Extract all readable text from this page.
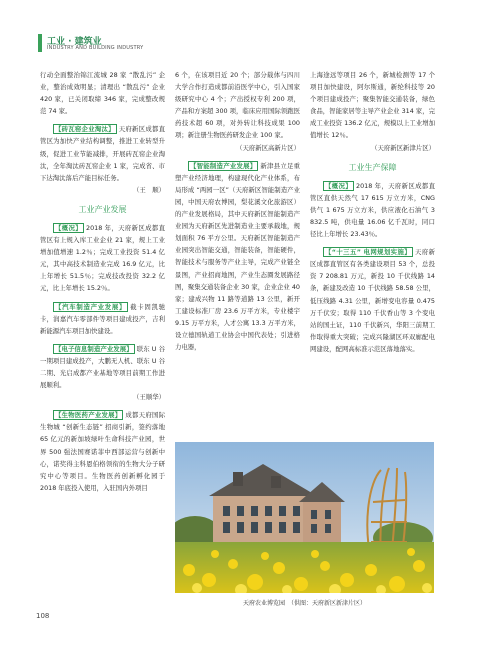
工业 · 建筑业
INDUSTRY AND BUILDING INDUSTRY

行动全面整治锦江流城 28 家 “散乱污” 企业，整治成效明显；清理出 “散乱污” 企业 420 家，已关闭取缔 346 家，完成整改规范 74 家。

【砖瓦窑企业淘汰】 天府新区成都直管区为加快产业结构调整，推进工业转型升级，促进工业节能减排，开展砖瓦窑企业淘汰，全年淘汰砖瓦窑企业 1 家，完成省、市下达淘汰落后产能目标任务。

（王　顺）

工业产业发展

【概况】 2018 年，天府新区成都直管区有上规入库工业企业 21 家，规上工业增加值增速 1.2％；完成工业投资 51.4 亿元，其中高技术制造业完成 16.9 亿元，比上年增长 51.5％；完成技改投资 32.2 亿元，比上年增长 15.2％。

【汽车制造产业发展】 截卡固凯驰卡，润嘉汽车零部件等项目建成投产，吉利新能源汽车项目加快建设。

【电子信息制造产业发展】 联东 U 谷一期项目建成投产，大鹏无人机、联东 U 谷二期、光启成都产业基地等项目前期工作进展顺利。

（王顺华）

【生物医药产业发展】 成都天府国际生物城 “创新生态链” 招商引新，签约落地 65 亿元的新加坡绿叶生命科技产业园，世界 500 强法国赛诺菲中西部运营与创新中心，诺奖得主科恩伯格领衔的生物大分子研究中心等项目。生物医药创新孵化园于 2018 年底投入使用，入驻国内外项目

6 个，在该项目近 20 个；部分载体与四川大学合作打造成都前沿医学中心，引入国家级研究中心 4 个；产出授权专利 200 项，产品和方案超 300 项，临床应用国际领跑医药技术超 60 项，对外转让科技成果 100 项；新注册生物医药研发企业 100 家。

（天府新区高新片区）

【智能制造产业发展】 新津县立足重塑产业经济地理，构建现代化产业体系，布局形成 “两园一区”（天府新区智能制造产业园，中国天府农博园，梨花溪文化旅游区）的产业发展格局，其中天府新区智能制造产业园为天府新区先进制造业主要承载地，规划面积 76 平方公里。天府新区智能制造产业园突出智能交通，智能装备，智能硬件，智能技术与服务等产业主导，完成产业链全景图，产业招商地图，产业生态圈发展路径图，聚集交通装备企业 30 家，企业企业 40 家；建成兴物 11 路等道路 13 公里，新开工建设标准厂房 23.6 万平方米，专业楼宇 9.15 万平方米，人才公寓 13.3 万平方米，设立德国轨道工业协会中国代表处；引进格力电器，

上海途远等项目 26 个，新城检测等 17 个项目加快建设，阿尔斯通，新纶科技等 20 个项目建成投产；聚集智能交通装备，绿色食品，智能家居等主导产业企业 314 家，完成工业投资 136.2 亿元，规模以上工业增加值增长 12％。

（天府新区新津片区）

工业生产保障

【概况】 2018 年，天府新区成都直管区直供天然气 17 615 万立方米，CNG 供气 1 675 万立方米，供应液化石油气 3 832.5 吨，供电量 16.06 亿千瓦时，同口径比上年增长 23.43％。

【“十三五” 电网规划实施】 天府新区成都直管区有各类建设项目 53 个，总投资 7 208.81 万元，新投 10 千伏线路 14 条，新建及改造 10 千伏线路 58.58 公里，低压线路 4.31 公里，新增变电容量 0.475 万千伏安；取得 110 千伏香山等 3 个变电站的国土证，110 千伏新兴，华阳三前期工作取得重大突破；完成兴隆湖区环双廊配电网建设，配网高标准示范区落地落实。

天府农业博览园　（供图：天府新区新津片区）
108
